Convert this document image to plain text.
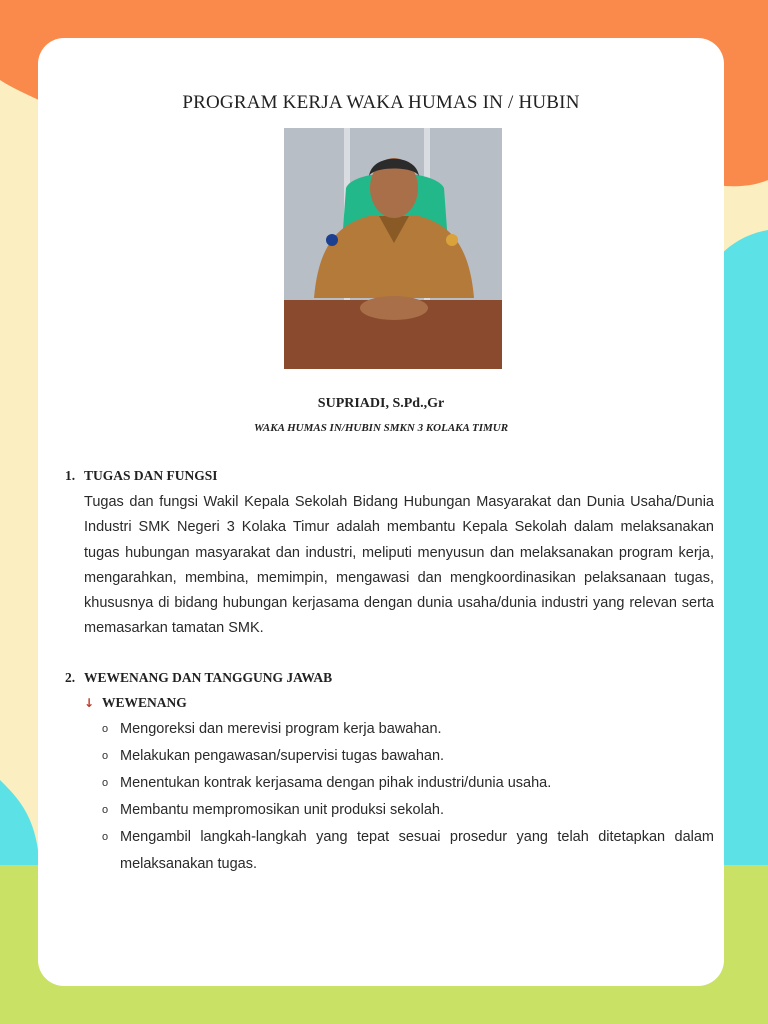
PROGRAM KERJA WAKA HUMAS IN / HUBIN
SUPRIADI, S.Pd.,Gr
WAKA HUMAS IN/HUBIN SMKN 3 KOLAKA TIMUR
1. TUGAS DAN FUNGSI
Tugas dan fungsi Wakil Kepala Sekolah Bidang Hubungan Masyarakat dan Dunia Usaha/Dunia Industri SMK Negeri 3 Kolaka Timur adalah membantu Kepala Sekolah dalam melaksanakan tugas hubungan masyarakat dan industri, meliputi menyusun dan melaksanakan program kerja, mengarahkan, membina, memimpin, mengawasi dan mengkoordinasikan pelaksanaan tugas, khususnya di bidang hubungan kerjasama dengan dunia usaha/dunia industri yang relevan serta memasarkan tamatan SMK.
2. WEWENANG DAN TANGGUNG JAWAB
↓ WEWENANG
o Mengoreksi dan merevisi program kerja bawahan.
o Melakukan pengawasan/supervisi tugas bawahan.
o Menentukan kontrak kerjasama dengan pihak industri/dunia usaha.
o Membantu mempromosikan unit produksi sekolah.
o Mengambil langkah-langkah yang tepat sesuai prosedur yang telah ditetapkan dalam melaksanakan tugas.
